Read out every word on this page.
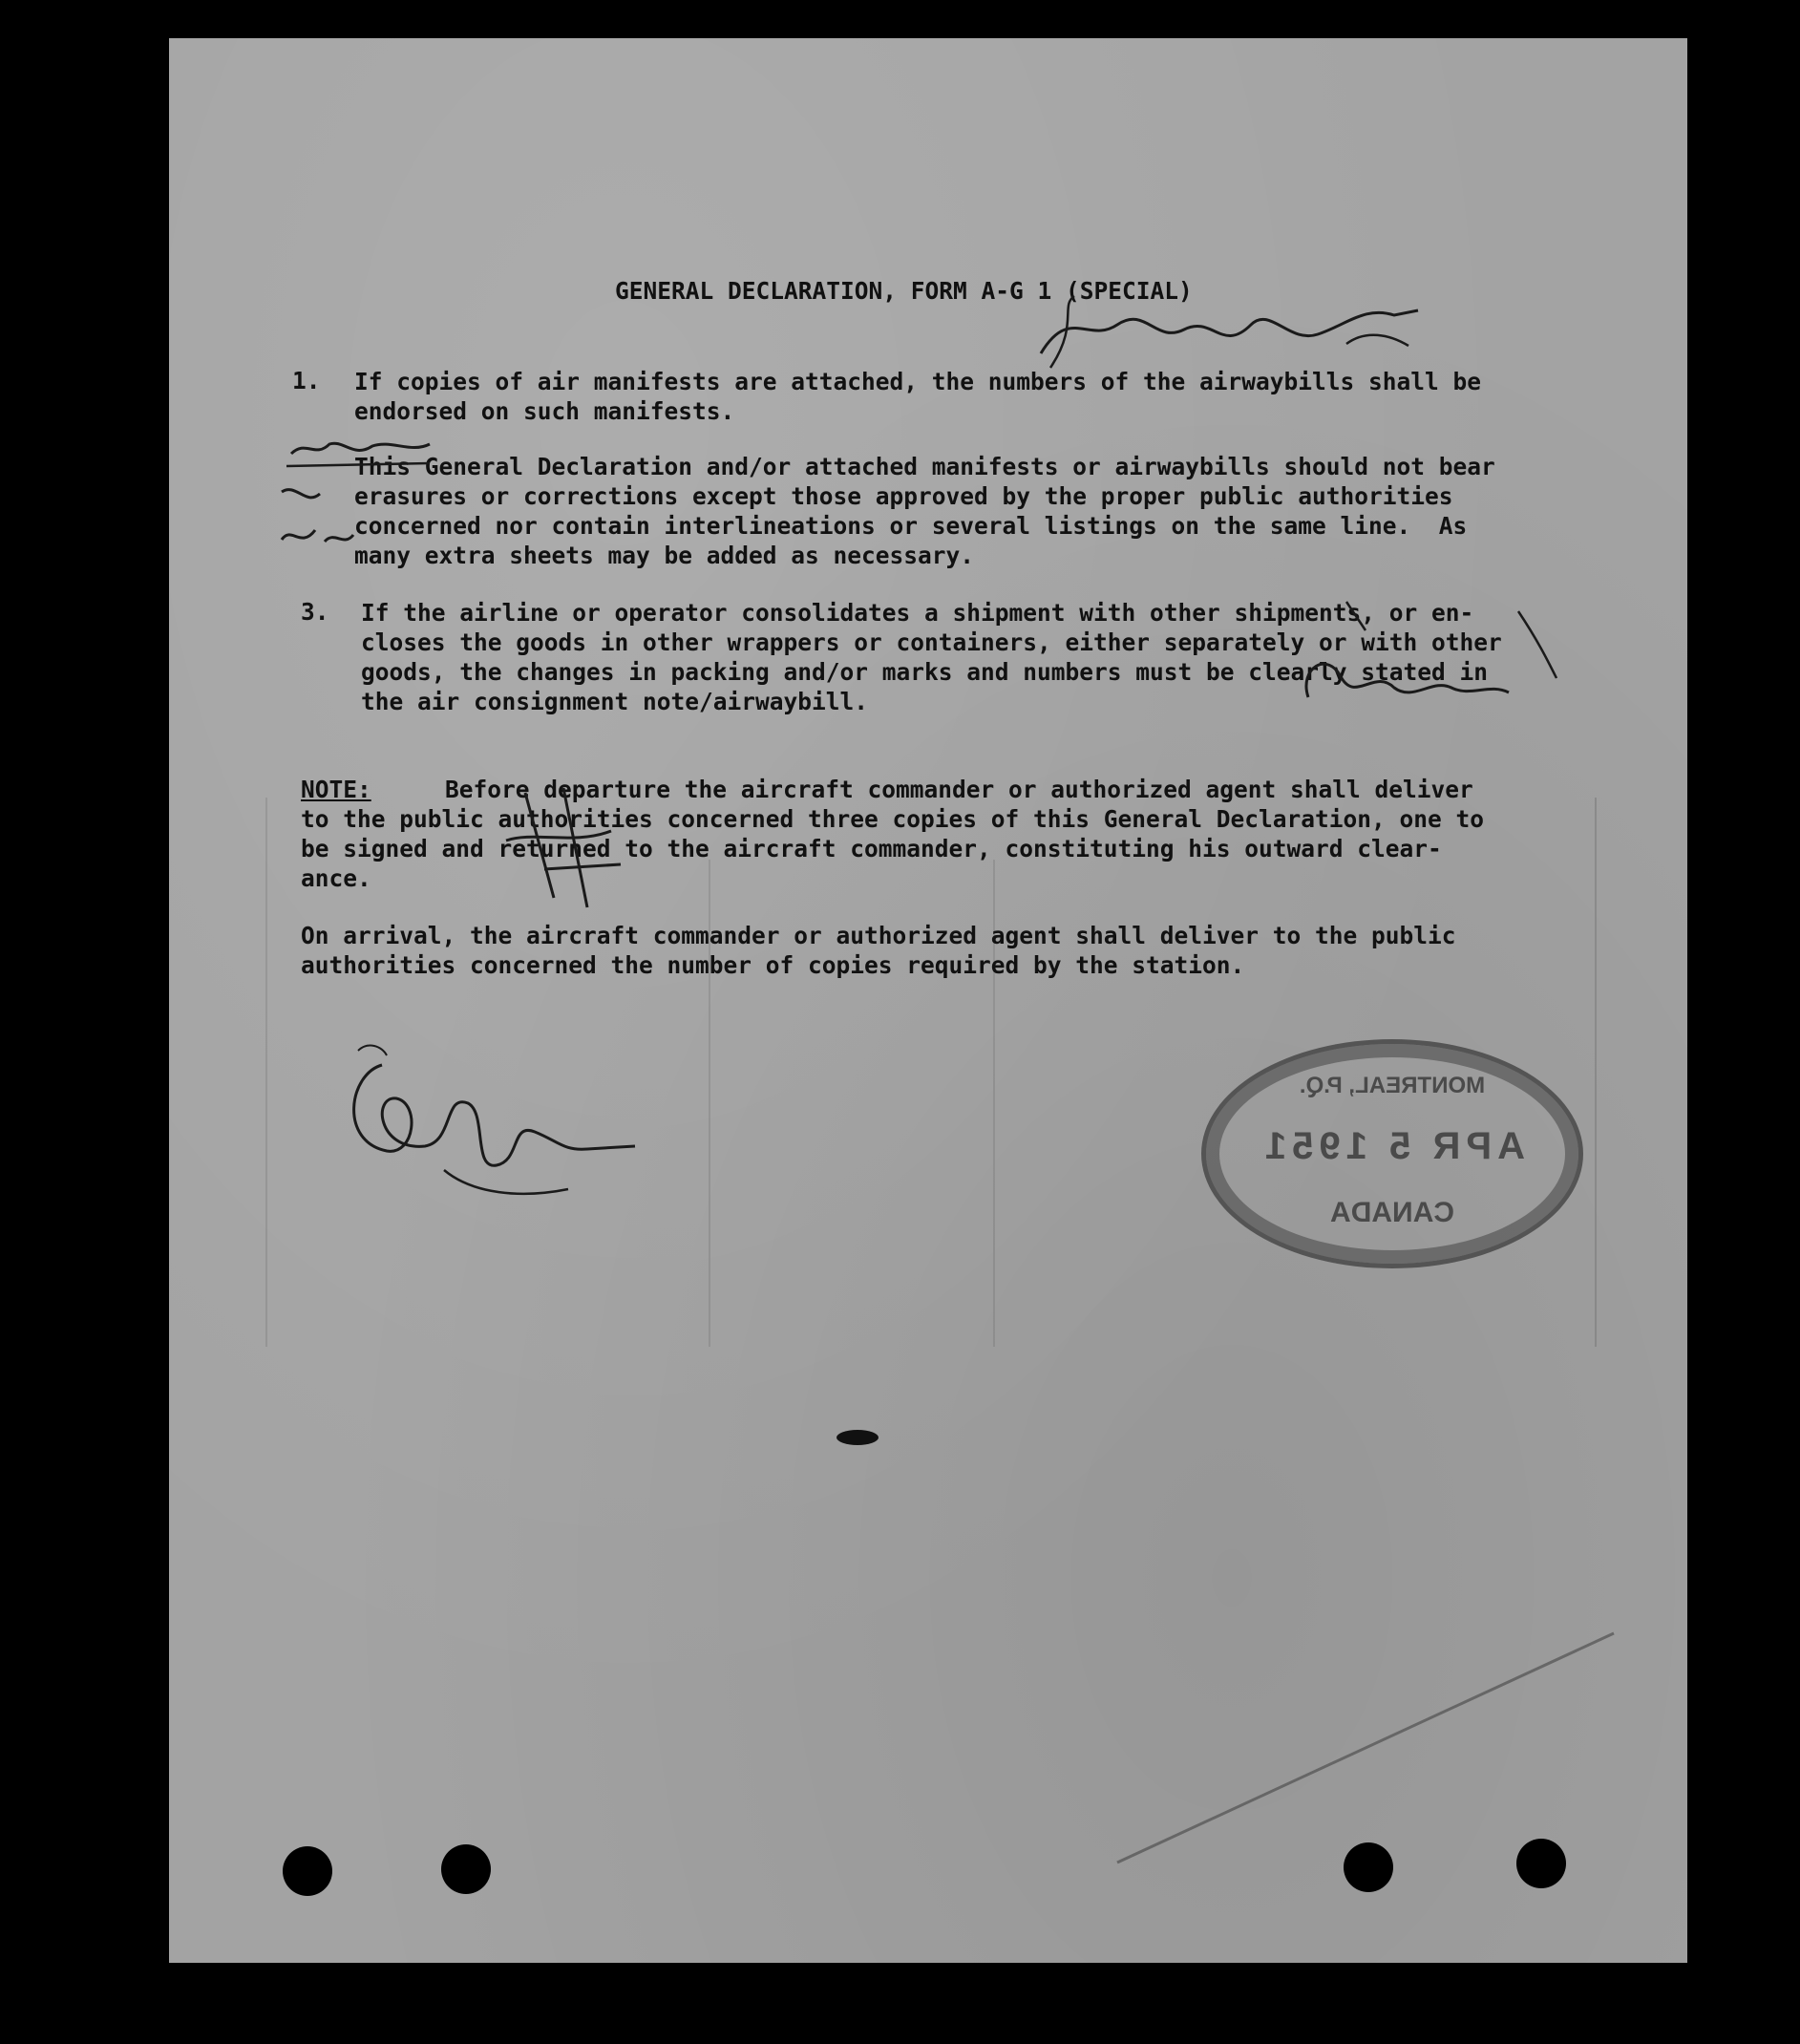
GENERAL DECLARATION, FORM A-G 1 (SPECIAL)
1.	If copies of air manifests are attached, the numbers of the airwaybills shall be
endorsed on such manifests.
This General Declaration and/or attached manifests or airwaybills should not bear
erasures or corrections except those approved by the proper public authorities
concerned nor contain interlineations or several listings on the same line.  As
many extra sheets may be added as necessary.
3.	If the airline or operator consolidates a shipment with other shipments, or en-
closes the goods in other wrappers or containers, either separately or with other
goods, the changes in packing and/or marks and numbers must be clearly stated in
the air consignment note/airwaybill.
NOTE:	Before departure the aircraft commander or authorized agent shall deliver
to the public authorities concerned three copies of this General Declaration, one to
be signed and returned to the aircraft commander, constituting his outward clear-
ance.
On arrival, the aircraft commander or authorized agent shall deliver to the public
authorities concerned the number of copies required by the station.
MONTREAL, P.Q.
APR 5 1951
CANADA
